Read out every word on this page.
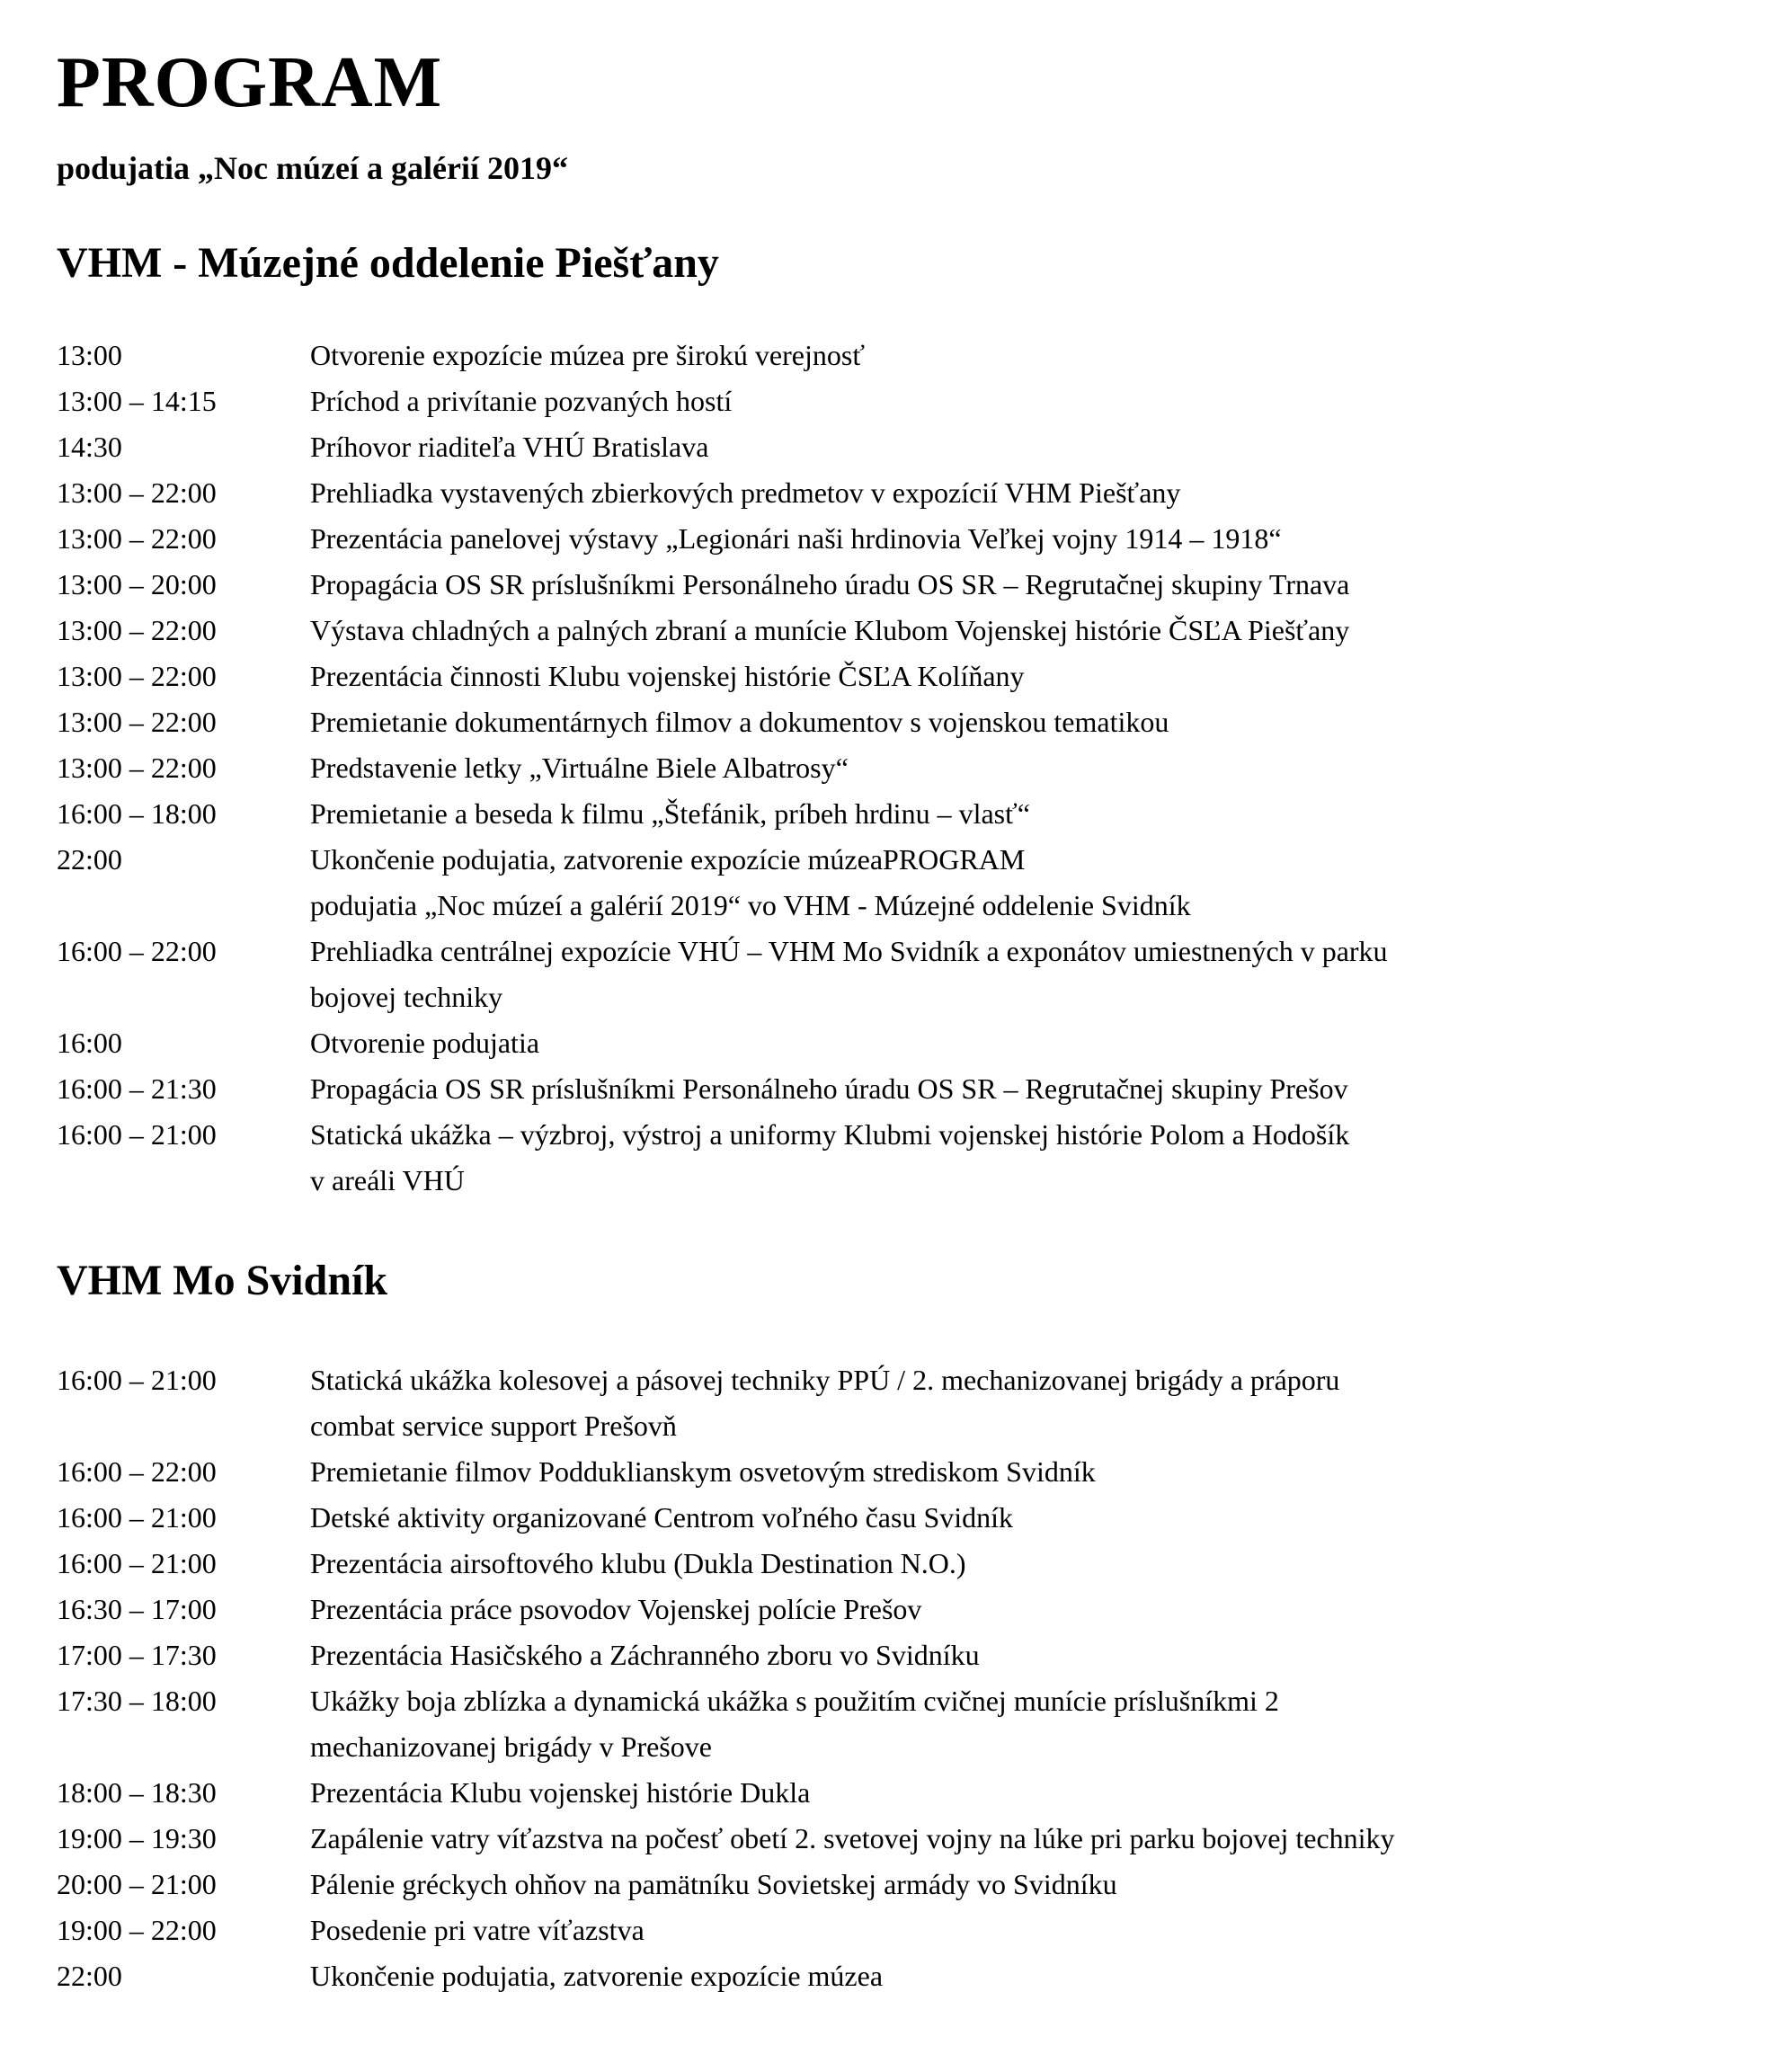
PROGRAM
podujatia „Noc múzeí a galérií 2019“
VHM - Múzejné oddelenie Piešťany
13:00	Otvorenie expozície múzea pre širokú verejnosť
13:00 – 14:15	Príchod a privítanie pozvaných hostí
14:30	Príhovor riaditeľa VHÚ Bratislava
13:00 – 22:00	Prehliadka vystavených zbierkových predmetov v expozícií VHM Piešťany
13:00 – 22:00	Prezentácia panelovej výstavy „Legionári naši hrdinovia Veľkej vojny 1914 – 1918“
13:00 – 20:00	Propagácia OS SR príslušníkmi Personálneho úradu OS SR – Regrutačnej skupiny Trnava
13:00 – 22:00	Výstava chladných a palných zbraní a munície Klubom Vojenskej histórie ČSĽA Piešťany
13:00 – 22:00	Prezentácia činnosti Klubu vojenskej histórie ČSĽA Kolíňany
13:00 – 22:00	Premietanie dokumentárnych filmov a dokumentov s vojenskou tematikou
13:00 – 22:00	Predstavenie letky „Virtuálne Biele Albatrosy“
16:00 – 18:00	Premietanie a beseda k filmu „Štefánik, príbeh hrdinu – vlasť“
22:00	Ukončenie podujatia, zatvorenie expozície múzeaPROGRAM
podujatia „Noc múzeí a galérií 2019“ vo VHM - Múzejné oddelenie Svidník
16:00 – 22:00	Prehliadka centrálnej expozície VHÚ – VHM Mo Svidník a exponátov umiestnených v parku
bojovej techniky
16:00	Otvorenie podujatia
16:00 – 21:30	Propagácia OS SR príslušníkmi Personálneho úradu OS SR – Regrutačnej skupiny Prešov
16:00 – 21:00	Statická ukážka – výzbroj, výstroj a uniformy Klubmi vojenskej histórie Polom a Hodošík
v areáli VHÚ
VHM Mo Svidník
16:00 – 21:00	Statická ukážka kolesovej a pásovej techniky PPÚ / 2. mechanizovanej brigády a práporu
combat service support Prešovň
16:00 – 22:00	Premietanie filmov Podduklianskym osvetovým strediskom Svidník
16:00 – 21:00	Detské aktivity organizované Centrom voľného času Svidník
16:00 – 21:00	Prezentácia airsoftového klubu (Dukla Destination N.O.)
16:30 – 17:00	Prezentácia práce psovodov Vojenskej polície Prešov
17:00 – 17:30	Prezentácia Hasičského a Záchranného zboru vo Svidníku
17:30 – 18:00	Ukážky boja zblízka a dynamická ukážka s použitím cvičnej munície príslušníkmi 2
mechanizovanej brigády v Prešove
18:00 – 18:30	Prezentácia Klubu vojenskej histórie Dukla
19:00 – 19:30	Zapálenie vatry víťazstva na počesť obetí 2. svetovej vojny na lúke pri parku bojovej techniky
20:00 – 21:00	Pálenie gréckych ohňov na pamätníku Sovietskej armády vo Svidníku
19:00 – 22:00	Posedenie pri vatre víťazstva
22:00	Ukončenie podujatia, zatvorenie expozície múzea
